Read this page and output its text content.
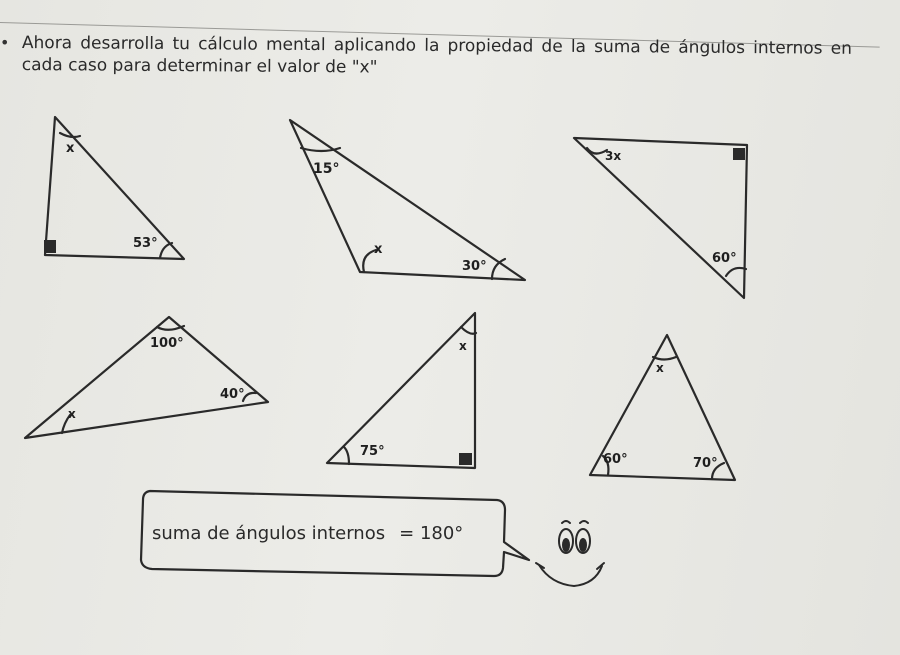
• Ahora desarrolla tu cálculo mental aplicando la propiedad de la suma de ángulos internos en cada caso para determinar el valor de "x"

x
53°
15°
x
30°
3x
60°
100°
40°
x
x
75°
x
60°	70°
suma de ángulos internos = 180°
